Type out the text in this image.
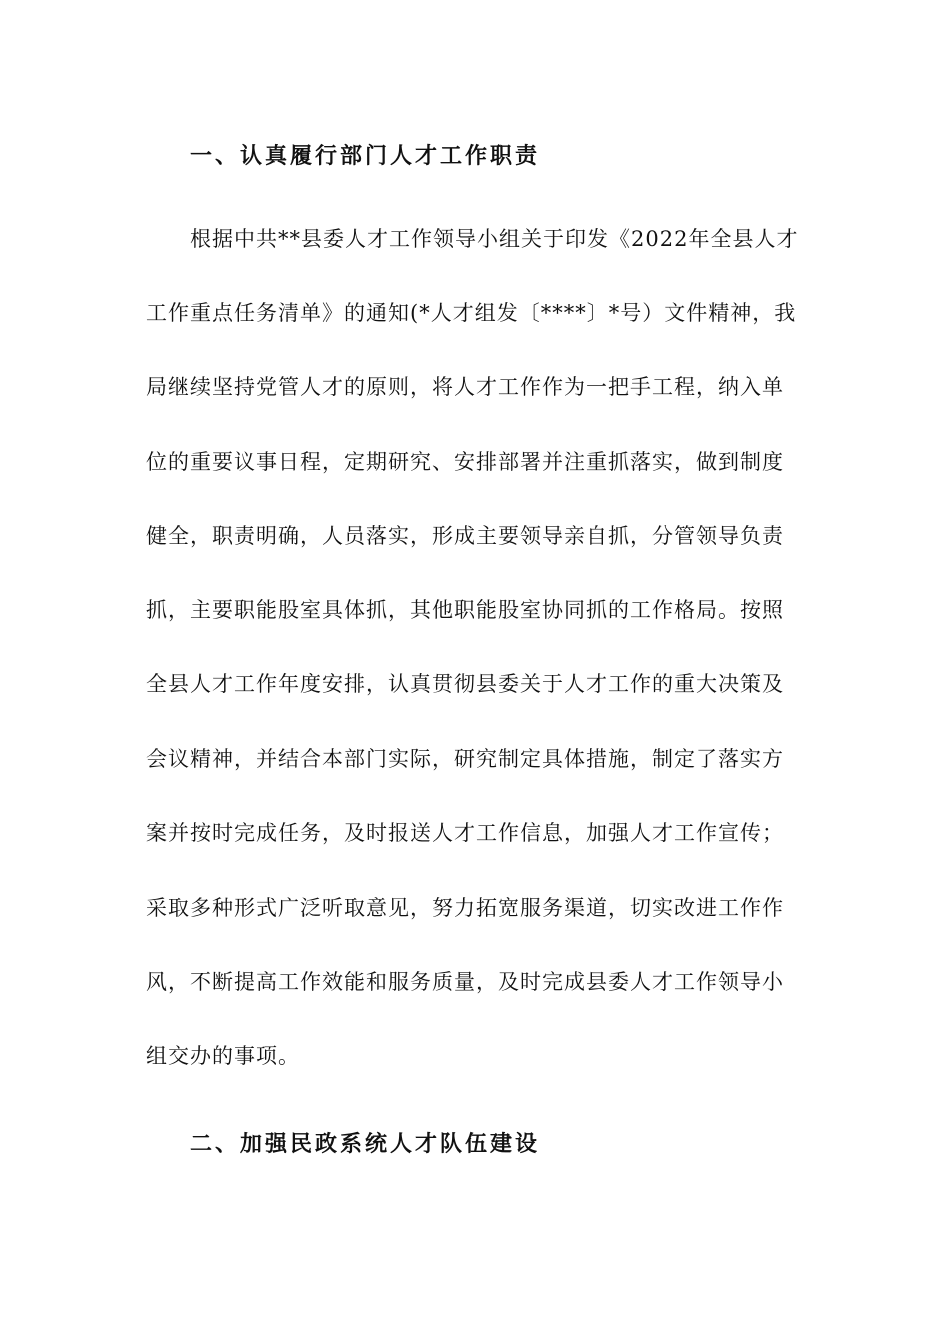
一、认真履行部门人才工作职责
根据中共**县委人才工作领导小组关于印发《2022年全县人才
工作重点任务清单》的通知(*人才组发〔****〕*号）文件精神，我
局继续坚持党管人才的原则，将人才工作作为一把手工程，纳入单
位的重要议事日程，定期研究、安排部署并注重抓落实，做到制度
健全，职责明确，人员落实，形成主要领导亲自抓，分管领导负责
抓，主要职能股室具体抓，其他职能股室协同抓的工作格局。按照
全县人才工作年度安排，认真贯彻县委关于人才工作的重大决策及
会议精神，并结合本部门实际，研究制定具体措施，制定了落实方
案并按时完成任务，及时报送人才工作信息，加强人才工作宣传；
采取多种形式广泛听取意见，努力拓宽服务渠道，切实改进工作作
风，不断提高工作效能和服务质量，及时完成县委人才工作领导小
组交办的事项。
二、加强民政系统人才队伍建设
